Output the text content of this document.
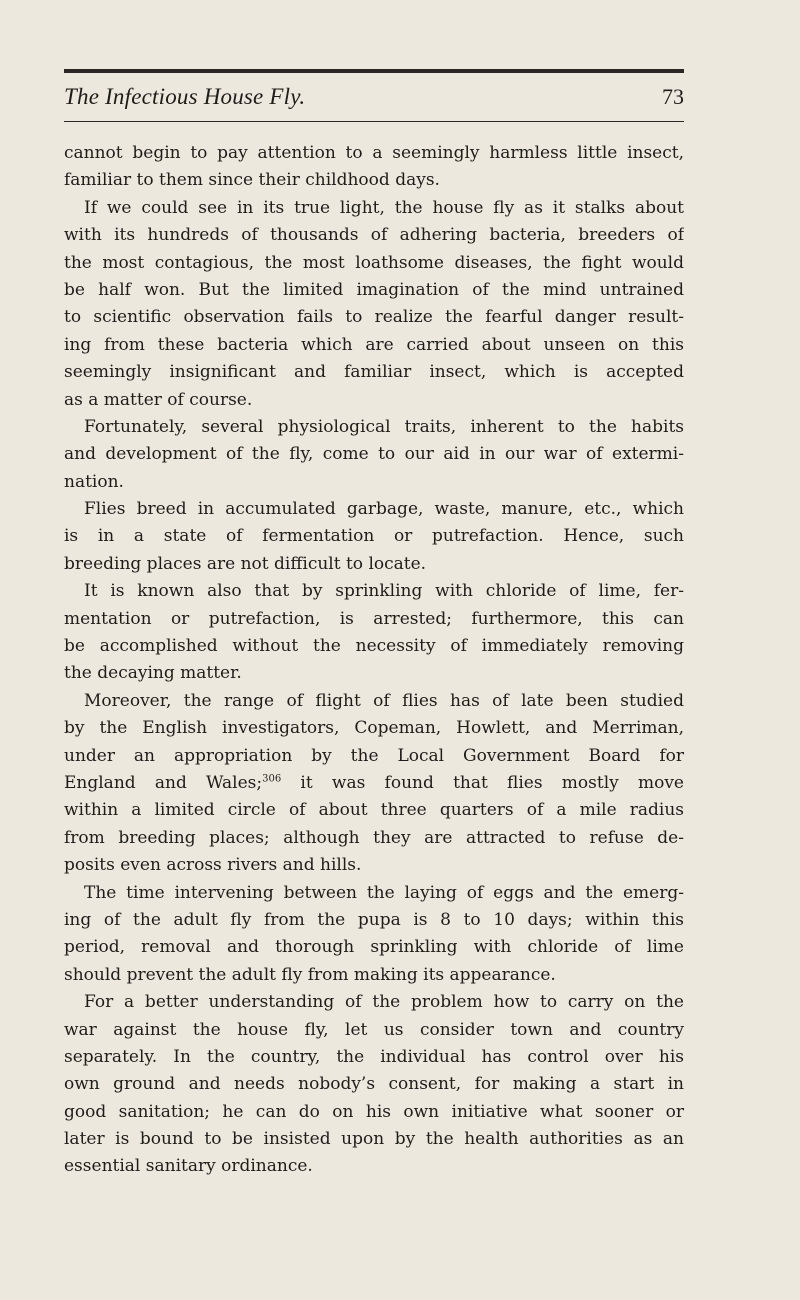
The Infectious House Fly.	73
cannot begin to pay attention to a seemingly harmless little insect,
familiar to them since their childhood days.
If we could see in its true light, the house fly as it stalks about
with its hundreds of thousands of adhering bacteria, breeders of
the most contagious, the most loathsome diseases, the fight would
be half won. But the limited imagination of the mind untrained
to scientific observation fails to realize the fearful danger result-
ing from these bacteria which are carried about unseen on this
seemingly insignificant and familiar insect, which is accepted
as a matter of course.
Fortunately, several physiological traits, inherent to the habits
and development of the fly, come to our aid in our war of extermi-
nation.
Flies breed in accumulated garbage, waste, manure, etc., which
is in a state of fermentation or putrefaction. Hence, such
breeding places are not difficult to locate.
It is known also that by sprinkling with chloride of lime, fer-
mentation or putrefaction, is arrested; furthermore, this can
be accomplished without the necessity of immediately removing
the decaying matter.
Moreover, the range of flight of flies has of late been studied
by the English investigators, Copeman, Howlett, and Merriman,
under an appropriation by the Local Government Board for
England and Wales;$^{306}$ it was found that flies mostly move
within a limited circle of about three quarters of a mile radius
from breeding places; although they are attracted to refuse de-
posits even across rivers and hills.
The time intervening between the laying of eggs and the emerg-
ing of the adult fly from the pupa is 8 to 10 days; within this
period, removal and thorough sprinkling with chloride of lime
should prevent the adult fly from making its appearance.
For a better understanding of the problem how to carry on the
war against the house fly, let us consider town and country
separately. In the country, the individual has control over his
own ground and needs nobody’s consent, for making a start in
good sanitation; he can do on his own initiative what sooner or
later is bound to be insisted upon by the health authorities as an
essential sanitary ordinance.
